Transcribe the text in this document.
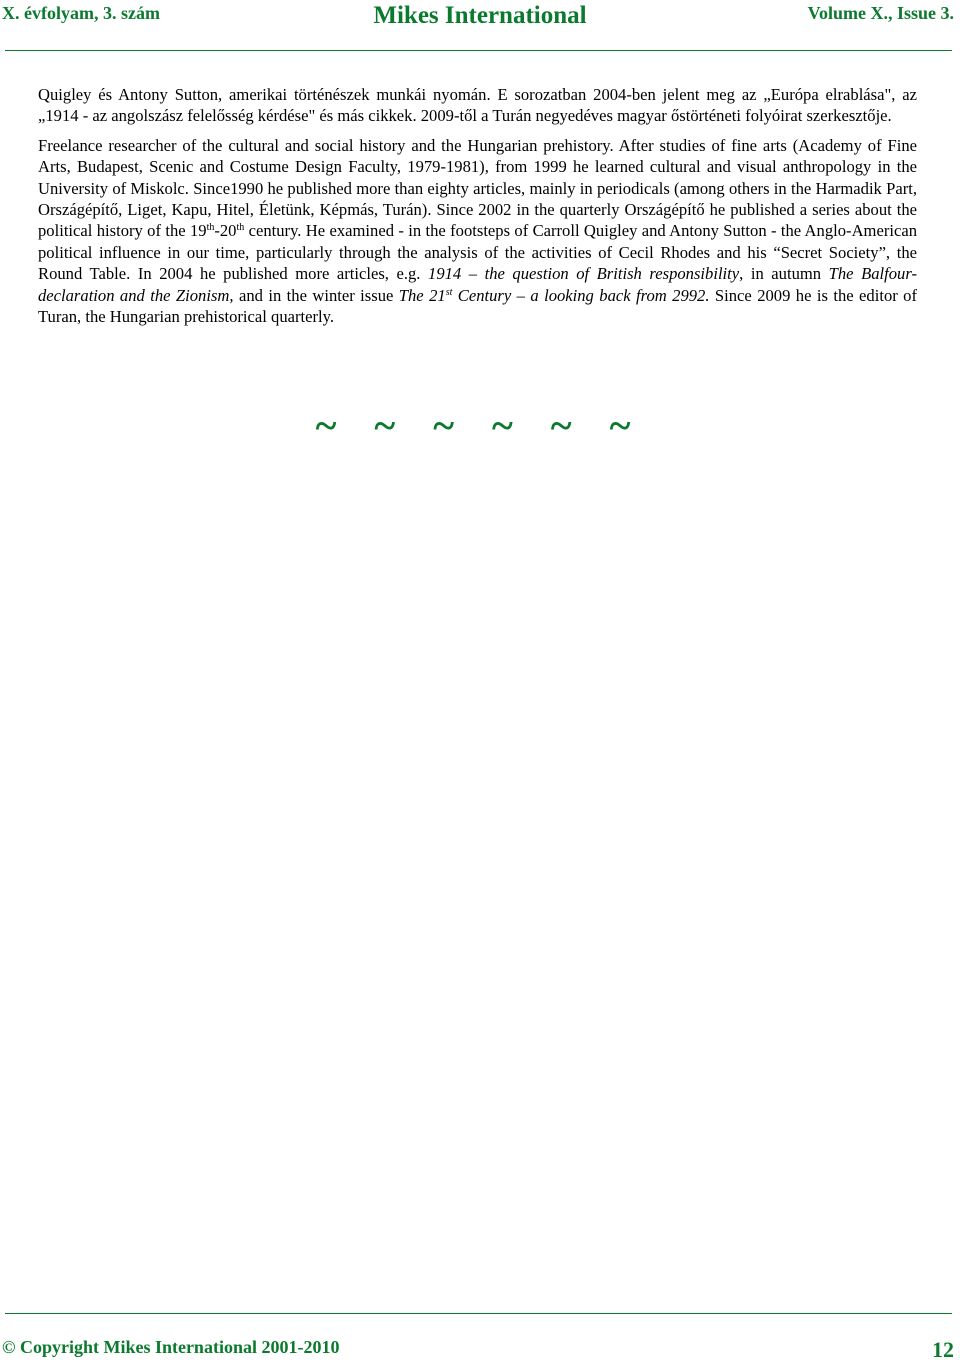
X. évfolyam, 3. szám	Mikes International	Volume X., Issue 3.

Quigley és Antony Sutton, amerikai történészek munkái nyomán. E sorozatban 2004-ben jelent meg az „Európa elrablása", az „1914 - az angolszász felelősség kérdése" és más cikkek. 2009-től a Turán negyedéves magyar őstörténeti folyóirat szerkesztője.

Freelance researcher of the cultural and social history and the Hungarian prehistory. After studies of fine arts (Academy of Fine Arts, Budapest, Scenic and Costume Design Faculty, 1979-1981), from 1999 he learned cultural and visual anthropology in the University of Miskolc. Since1990 he published more than eighty articles, mainly in periodicals (among others in the Harmadik Part, Országépítő, Liget, Kapu, Hitel, Életünk, Képmás, Turán). Since 2002 in the quarterly Országépítő he published a series about the political history of the 19th-20th century. He examined - in the footsteps of Carroll Quigley and Antony Sutton - the Anglo-American political influence in our time, particularly through the analysis of the activities of Cecil Rhodes and his “Secret Society”, the Round Table. In 2004 he published more articles, e.g. 1914 – the question of British responsibility, in autumn The Balfour-declaration and the Zionism, and in the winter issue The 21st Century – a looking back from 2992. Since 2009 he is the editor of Turan, the Hungarian prehistorical quarterly.

~ ~ ~ ~ ~ ~
© Copyright Mikes International 2001-2010	12
